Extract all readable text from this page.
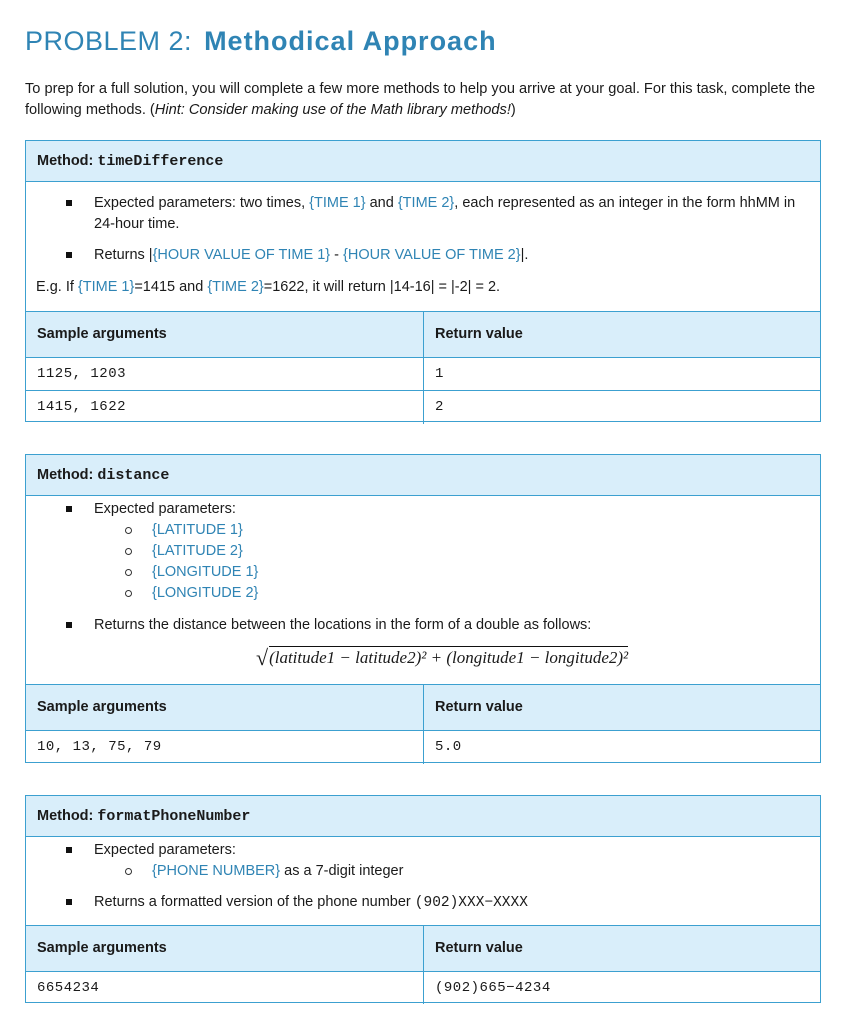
PROBLEM 2: Methodical Approach
To prep for a full solution, you will complete a few more methods to help you arrive at your goal. For this task, complete the following methods. (Hint: Consider making use of the Math library methods!)
Method: timeDifference
Expected parameters: two times, {TIME 1} and {TIME 2}, each represented as an integer in the form hhMM in 24-hour time.
Returns |{HOUR VALUE OF TIME 1} - {HOUR VALUE OF TIME 2}|.
E.g. If {TIME 1}=1415 and {TIME 2}=1622, it will return |14-16| = |-2| = 2.
Sample arguments	Return value
1125, 1203	1
1415, 1622	2
Method: distance
Expected parameters:
{LATITUDE 1}
{LATITUDE 2}
{LONGITUDE 1}
{LONGITUDE 2}
Returns the distance between the locations in the form of a double as follows:
√(latitude1 − latitude2)² + (longitude1 − longitude2)²
Sample arguments	Return value
10, 13, 75, 79	5.0
Method: formatPhoneNumber
Expected parameters:
{PHONE NUMBER} as a 7-digit integer
Returns a formatted version of the phone number (902)XXX−XXXX
Sample arguments	Return value
6654234	(902)665−4234
